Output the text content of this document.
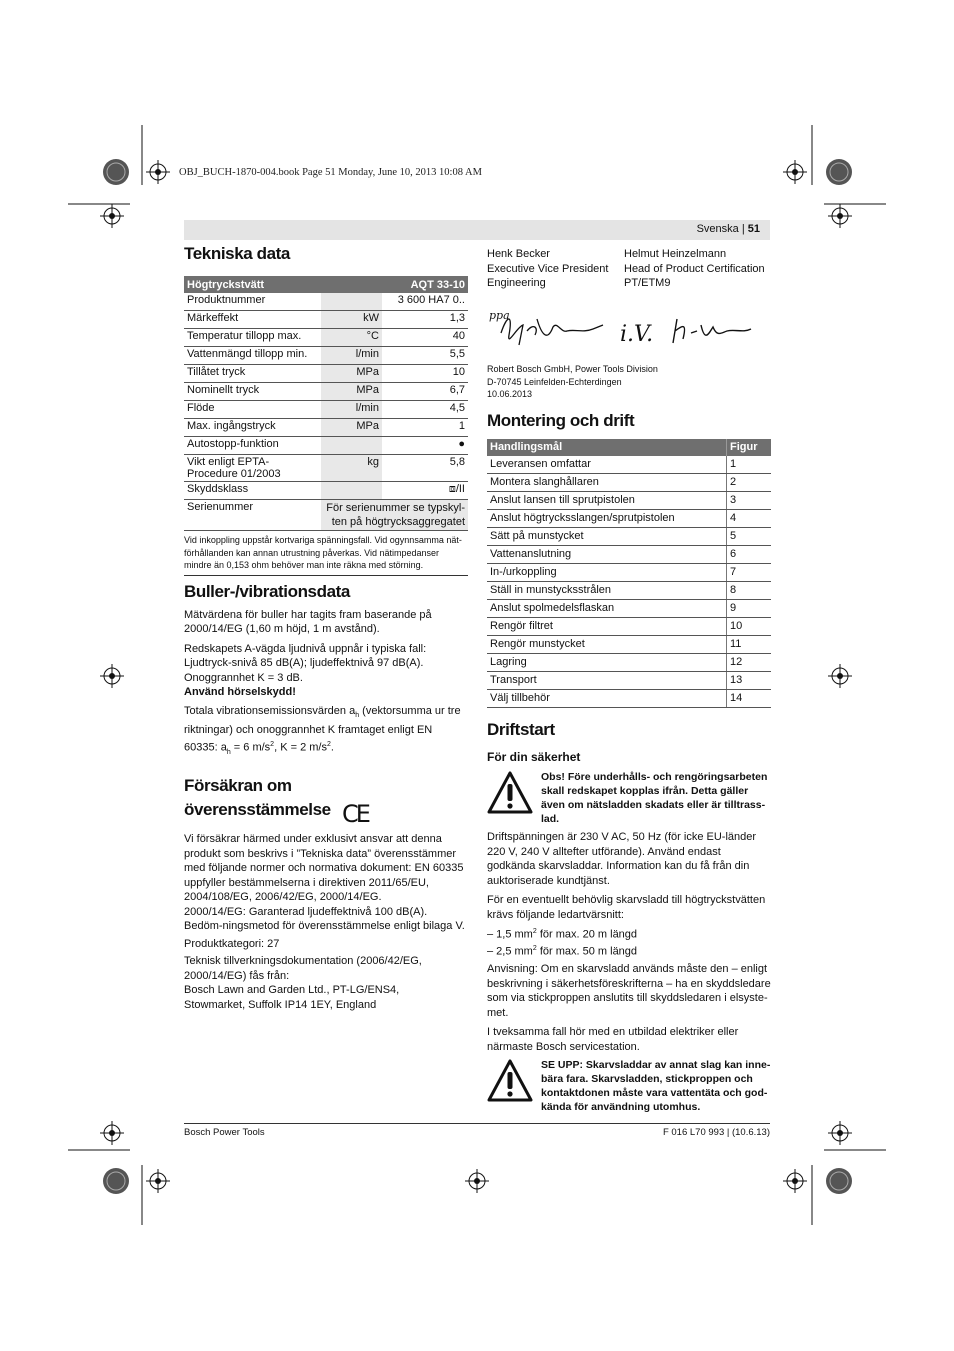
OBJ_BUCH-1870-004.book Page 51 Monday, June 10, 2013 10:08 AM
Svenska | 51
Tekniska data
Högtryckstvätt		AQT 33-10
Produktnummer		3 600 HA7 0..
Märkeffekt	kW	1,3
Temperatur tillopp max.	°C	40
Vattenmängd tillopp min.	l/min	5,5
Tillåtet tryck	MPa	10
Nominellt tryck	MPa	6,7
Flöde	l/min	4,5
Max. ingångstryck	MPa	1
Autostopp-funktion		●
Vikt enligt EPTA-Procedure 01/2003	kg	5,8
Skyddsklass		⧈/II
Serienummer	För serienummer se typskyl-ten på högtrycksaggregatet	
Vid inkoppling uppstår kortvariga spänningsfall. Vid ogynnsamma nät-förhållanden kan annan utrustning påverkas. Vid nätimpedanser mindre än 0,153 ohm behöver man inte räkna med störning.
Buller-/vibrationsdata
Mätvärdena för buller har tagits fram baserande på 2000/14/EG (1,60 m höjd, 1 m avstånd).
Redskapets A-vägda ljudnivå uppnår i typiska fall: Ljudtryck-snivå 85 dB(A); ljudeffektnivå 97 dB(A). Onoggrannhet K = 3 dB.
Använd hörselskydd!
Totala vibrationsemissionsvärden $a_h$ (vektorsumma ur tre riktningar) och onoggrannhet K framtaget enligt EN 60335: $a_h = 6$ $m/s^2$, K = 2 $m/s^2$.
Försäkran om
överensstämmelse CE
Vi försäkrar härmed under exklusivt ansvar att denna produkt som beskrivs i ”Tekniska data” överensstämmer med följande normer och normativa dokument: EN 60335 uppfyller bestämmelserna i direktiven 2011/65/EU, 2004/108/EG, 2006/42/EG, 2000/14/EG.
2000/14/EG: Garanterad ljudeffektnivå 100 dB(A). Bedöm-ningsmetod för överensstämmelse enligt bilaga V.
Produktkategori: 27
Teknisk tillverkningsdokumentation (2006/42/EG, 2000/14/EG) fås från:
Bosch Lawn and Garden Ltd., PT-LG/ENS4,
Stowmarket, Suffolk IP14 1EY, England
Henk Becker
Executive Vice President
Engineering
Helmut Heinzelmann
Head of Product Certification
PT/ETM9
ppa
i.V.
Robert Bosch GmbH, Power Tools Division
D-70745 Leinfelden-Echterdingen
10.06.2013
Montering och drift
Handlingsmål	Figur
Leveransen omfattar	1
Montera slanghållaren	2
Anslut lansen till sprutpistolen	3
Anslut högtrycksslangen/sprutpistolen	4
Sätt på munstycket	5
Vattenanslutning	6
In-/urkoppling	7
Ställ in munstycksstrålen	8
Anslut spolmedelsflaskan	9
Rengör filtret	10
Rengör munstycket	11
Lagring	12
Transport	13
Välj tillbehör	14
Driftstart
För din säkerhet
Obs! Före underhålls- och rengöringsarbeten skall redskapet kopplas ifrån. Detta gäller även om nätsladden skadats eller är tilltrass-lad.
Driftspänningen är 230 V AC, 50 Hz (för icke EU-länder 220 V, 240 V alltefter utförande). Använd endast godkända skarvsladdar. Information kan du få från din auktoriserade kundtjänst.
För en eventuellt behövlig skarvsladd till högtryckstvätten krävs följande ledartvärsnitt:
– 1,5 $mm^2$ för max. 20 m längd
– 2,5 $mm^2$ för max. 50 m längd
Anvisning: Om en skarvsladd används måste den – enligt beskrivning i säkerhetsföreskrifterna – ha en skyddsledare som via stickproppen anslutits till skyddsledaren i elsyste-met.
I tveksamma fall hör med en utbildad elektriker eller närmaste Bosch servicestation.
SE UPP: Skarvsladdar av annat slag kan inne-bära fara. Skarvsladden, stickproppen och kontaktdonen måste vara vattentäta och god-kända för användning utomhus.
Bosch Power Tools	F 016 L70 993 | (10.6.13)
